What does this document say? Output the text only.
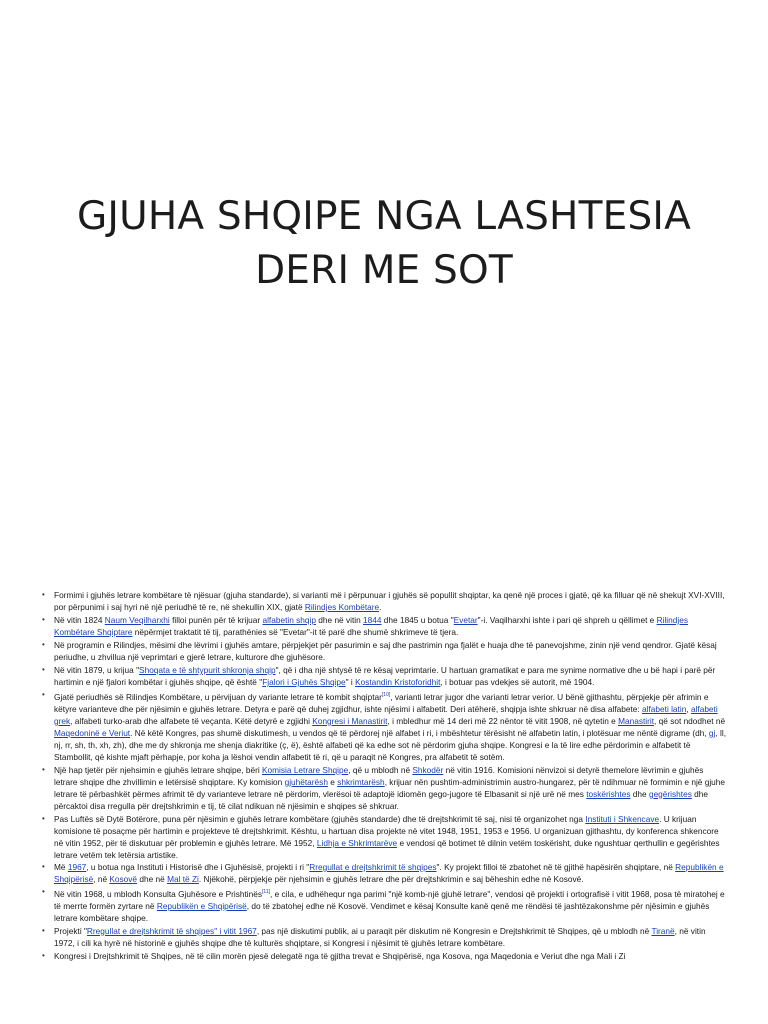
GJUHA SHQIPE NGA LASHTESIA
DERI ME SOT
• Formimi i gjuhës letrare kombëtare të njësuar (gjuha standarde), si varianti më i përpunuar i gjuhës së popullit shqiptar, ka qenë një proces i gjatë, që ka filluar që në shekujt XVI-XVIII, por përpunimi i saj hyri në një periudhë të re, në shekullin XIX, gjatë Rilindjes Kombëtare.
• Në vitin 1824 Naum Veqilharxhi filloi punën për të krijuar alfabetin shqip dhe në vitin 1844 dhe 1845 u botua "Evetar"-i. Vaqilharxhi ishte i pari që shpreh u qëllimet e Rilindjes Kombëtare Shqiptare nëpërmjet traktatit të tij, parathënies së "Evetar"-it të parë dhe shumë shkrimeve të tjera.
• Në programin e Rilindjes, mësimi dhe lëvrimi i gjuhës amtare, përpjekjet për pasurimin e saj dhe pastrimin nga fjalët e huaja dhe të panevojshme, zinin një vend qendror. Gjatë kësaj periudhe, u zhvillua një veprimtari e gjerë letrare, kulturore dhe gjuhësore.
• Në vitin 1879, u krijua "Shoqata e të shtypurit shkronja shqip", që i dha një shtysë të re kësaj veprimtarie. U hartuan gramatikat e para me synime normative dhe u bë hapi i parë për hartimin e një fjalori kombëtar i gjuhës shqipe, që është "Fjalori i Gjuhës Shqipe" i Kostandin Kristoforidhit, i botuar pas vdekjes së autorit, më 1904.
• Gjatë periudhës së Rilindjes Kombëtare, u përvijuan dy variante letrare të kombit shqiptar[10], varianti letrar jugor dhe varianti letrar verior. U bënë gjithashtu, përpjekje për afrimin e këtyre varianteve dhe për njësimin e gjuhës letrare. Detyra e parë që duhej zgjidhur, ishte njësimi i alfabetit. Deri atëherë, shqipja ishte shkruar në disa alfabete: alfabeti latin, alfabeti grek, alfabeti turko-arab dhe alfabete të veçanta. Këtë detyrë e zgjidhi Kongresi i Manastirit, i mbledhur më 14 deri më 22 nëntor të vitit 1908, në qytetin e Manastirit, që sot ndodhet në Maqedoninë e Veriut. Në këtë Kongres, pas shumë diskutimesh, u vendos që të përdorej një alfabet i ri, i mbështetur tërësisht në alfabetin latin, i plotësuar me nëntë digrame (dh, gj, ll, nj, rr, sh, th, xh, zh), dhe me dy shkronja me shenja diakritike (ç, ë), është alfabeti që ka edhe sot në përdorim gjuha shqipe. Kongresi e la të lire edhe përdorimin e alfabetit të Stambollit, që kishte mjaft përhapje, por koha ja lëshoi vendin alfabetit të ri, që u paraqit në Kongres, pra alfabetit të sotëm.
• Një hap tjetër për njehsimin e gjuhës letrare shqipe, bëri Komisia Letrare Shqipe, që u mblodh në Shkodër në vitin 1916. Komisioni nënvizoi si detyrë themelore lëvrimin e gjuhës letrare shqipe dhe zhvillimin e letërsisë shqiptare. Ky komision gjuhëtarësh e shkrimtarësh, krijuar nën pushtim-administrimin austro-hungarez, për të ndihmuar në formimin e një gjuhe letrare të përbashkët përmes afrimit të dy varianteve letrare në përdorim, vlerësoi të adaptojë idiomën gego-jugore të Elbasanit si një urë në mes toskërishtes dhe gegërishtes dhe përcaktoi disa rregulla për drejtshkrimin e tij, të cilat ndikuan në njësimin e shqipes së shkruar.
Pas Luftës së Dytë Botërore, puna për njësimin e gjuhës letrare kombëtare (gjuhës standarde) dhe të drejtshkrimit të saj, nisi të organizohet nga Instituti i Shkencave. U krijuan komisione të posaçme për hartimin e projekteve të drejtshkrimit. Kështu, u hartuan disa projekte në vitet 1948, 1951, 1953 e 1956. U organizuan gjithashtu, dy konferenca shkencore në vitin 1952, për të diskutuar për problemin e gjuhës letrare. Më 1952, Lidhja e Shkrimtarëve e vendosi që botimet të dilnin vetëm toskërisht, duke ngushtuar qerthullin e gegërishtes letrare vetëm tek letërsia artistike.
• Më 1967, u botua nga Instituti i Historisë dhe i Gjuhësisë, projekti i ri "Rregullat e drejtshkrimit të shqipes". Ky projekt filloi të zbatohet në të gjithë hapësirën shqiptare, në Republikën e Shqipërisë, në Kosovë dhe në Mal të Zi. Njëkohë, përpjekje për njehsimin e gjuhës letrare dhe për drejtshkrimin e saj bëheshin edhe në Kosovë.
• Në vitin 1968, u mblodh Konsulta Gjuhësore e Prishtinës[11], e cila, e udhëhequr nga parimi "një komb-një gjuhë letrare", vendosi që projekti i ortografisë i vitit 1968, posa të miratohej e të merrte formën zyrtare në Republikën e Shqipërisë, do të zbatohej edhe në Kosovë. Vendimet e kësaj Konsulte kanë qenë me rëndësi të jashtëzakonshme për njësimin e gjuhës letrare kombëtare shqipe.
• Projekti "Rregullat e drejtshkrimit të shqipes" i vitit 1967, pas një diskutimi publik, ai u paraqit për diskutim në Kongresin e Drejtshkrimit të Shqipes, që u mblodh në Tiranë, në vitin 1972, i cili ka hyrë në historinë e gjuhës shqipe dhe të kulturës shqiptare, si Kongresi i njësimit të gjuhës letrare kombëtare.
• Kongresi i Drejtshkrimit të Shqipes, në të cilin morën pjesë delegatë nga të gjitha trevat e Shqipërisë, nga Kosova, nga Maqedonia e Veriut dhe nga Mali i Zi
